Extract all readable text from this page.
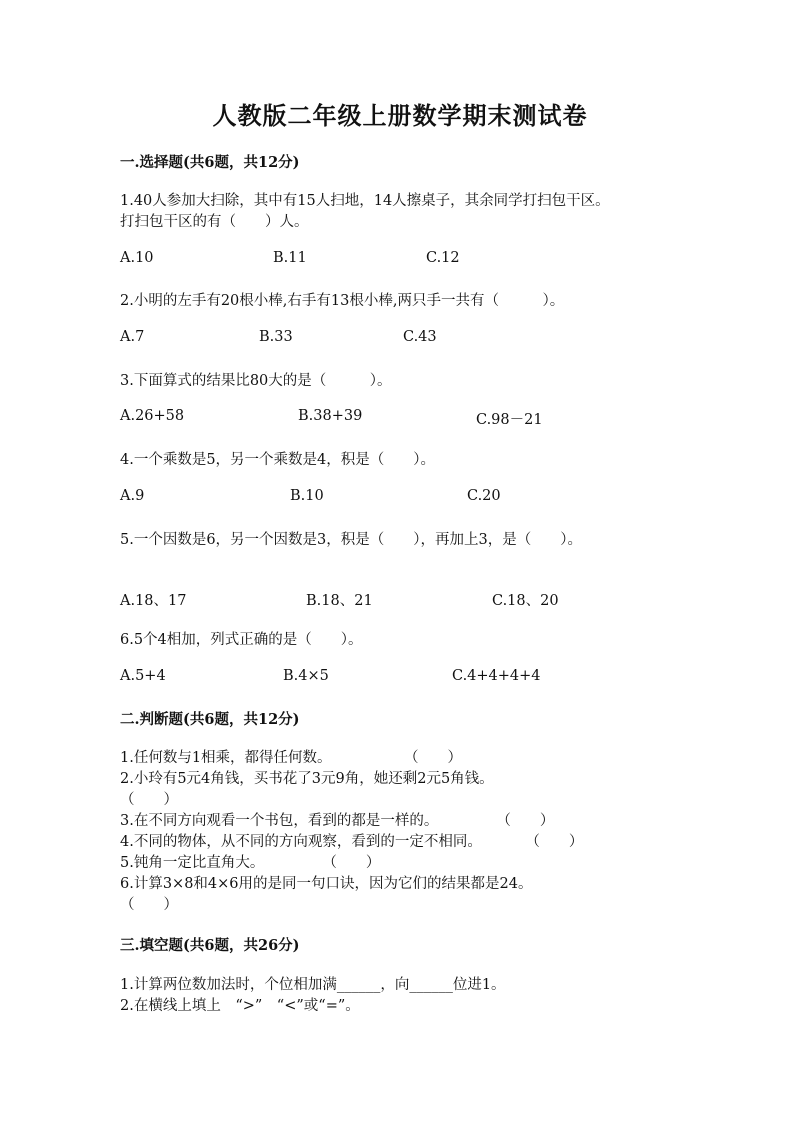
人教版二年级上册数学期末测试卷
一.选择题(共6题，共12分)
1.40人参加大扫除，其中有15人扫地，14人擦桌子，其余同学打扫包干区。
打扫包干区的有（　　）人。
A.10	B.11	C.12
2.小明的左手有20根小棒,右手有13根小棒,两只手一共有（　　　）。
A.7	B.33	C.43
3.下面算式的结果比80大的是（　　　）。
A.26+58	B.38+39	C.98－21
4.一个乘数是5，另一个乘数是4，积是（　　）。
A.9	B.10	C.20
5.一个因数是6，另一个因数是3，积是（　　），再加上3，是（　　）。
A.18、17	B.18、21	C.18、20
6.5个4相加，列式正确的是（　　）。
A.5+4	B.4×5	C.4+4+4+4
二.判断题(共6题，共12分)
1.任何数与1相乘，都得任何数。　　　　　　（　　）
2.小玲有5元4角钱，买书花了3元9角，她还剩2元5角钱。
（　　）
3.在不同方向观看一个书包，看到的都是一样的。　　　　　（　　）
4.不同的物体，从不同的方向观察，看到的一定不相同。　　　　（　　）
5.钝角一定比直角大。　　　　　（　　）
6.计算3×8和4×6用的是同一句口诀，因为它们的结果都是24。
（　　）
三.填空题(共6题，共26分)
1.计算两位数加法时，个位相加满______，向______位进1。
2.在横线上填上　“>”　“<”或“=”。
